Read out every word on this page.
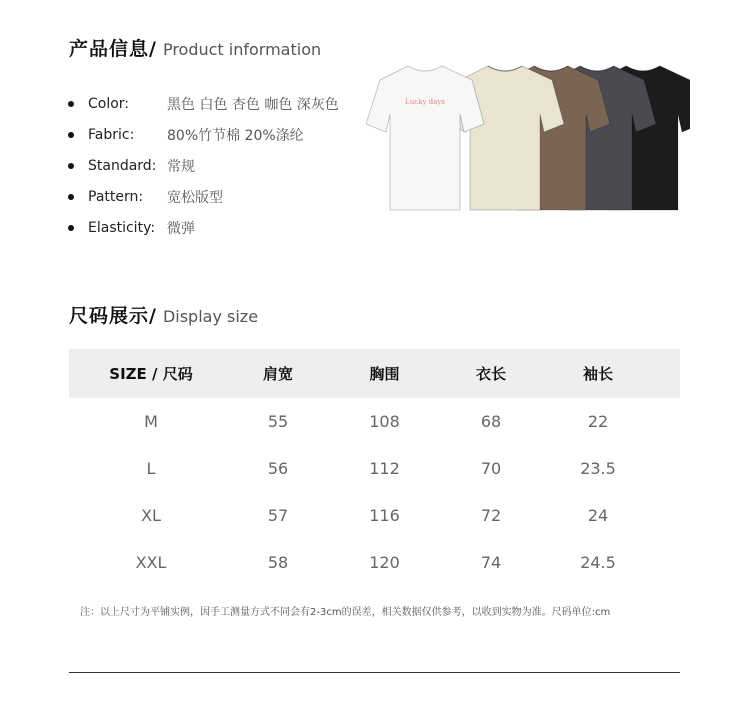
产品信息/ Product information
Color:	黑色 白色 杏色 咖色 深灰色
Fabric:	80%竹节棉 20%涤纶
Standard: 常规
Pattern:	宽松版型
Elasticity: 微弹
Lucky days
尺码展示/ Display size
SIZE / 尺码	肩宽	胸围	衣长	袖长
M	55	108	68	22
L	56	112	70	23.5
XL	57	116	72	24
XXL	58	120	74	24.5
注：以上尺寸为平铺实例，因手工测量方式不同会有2-3cm的误差，相关数据仅供参考，以收到实物为准。尺码单位:cm
